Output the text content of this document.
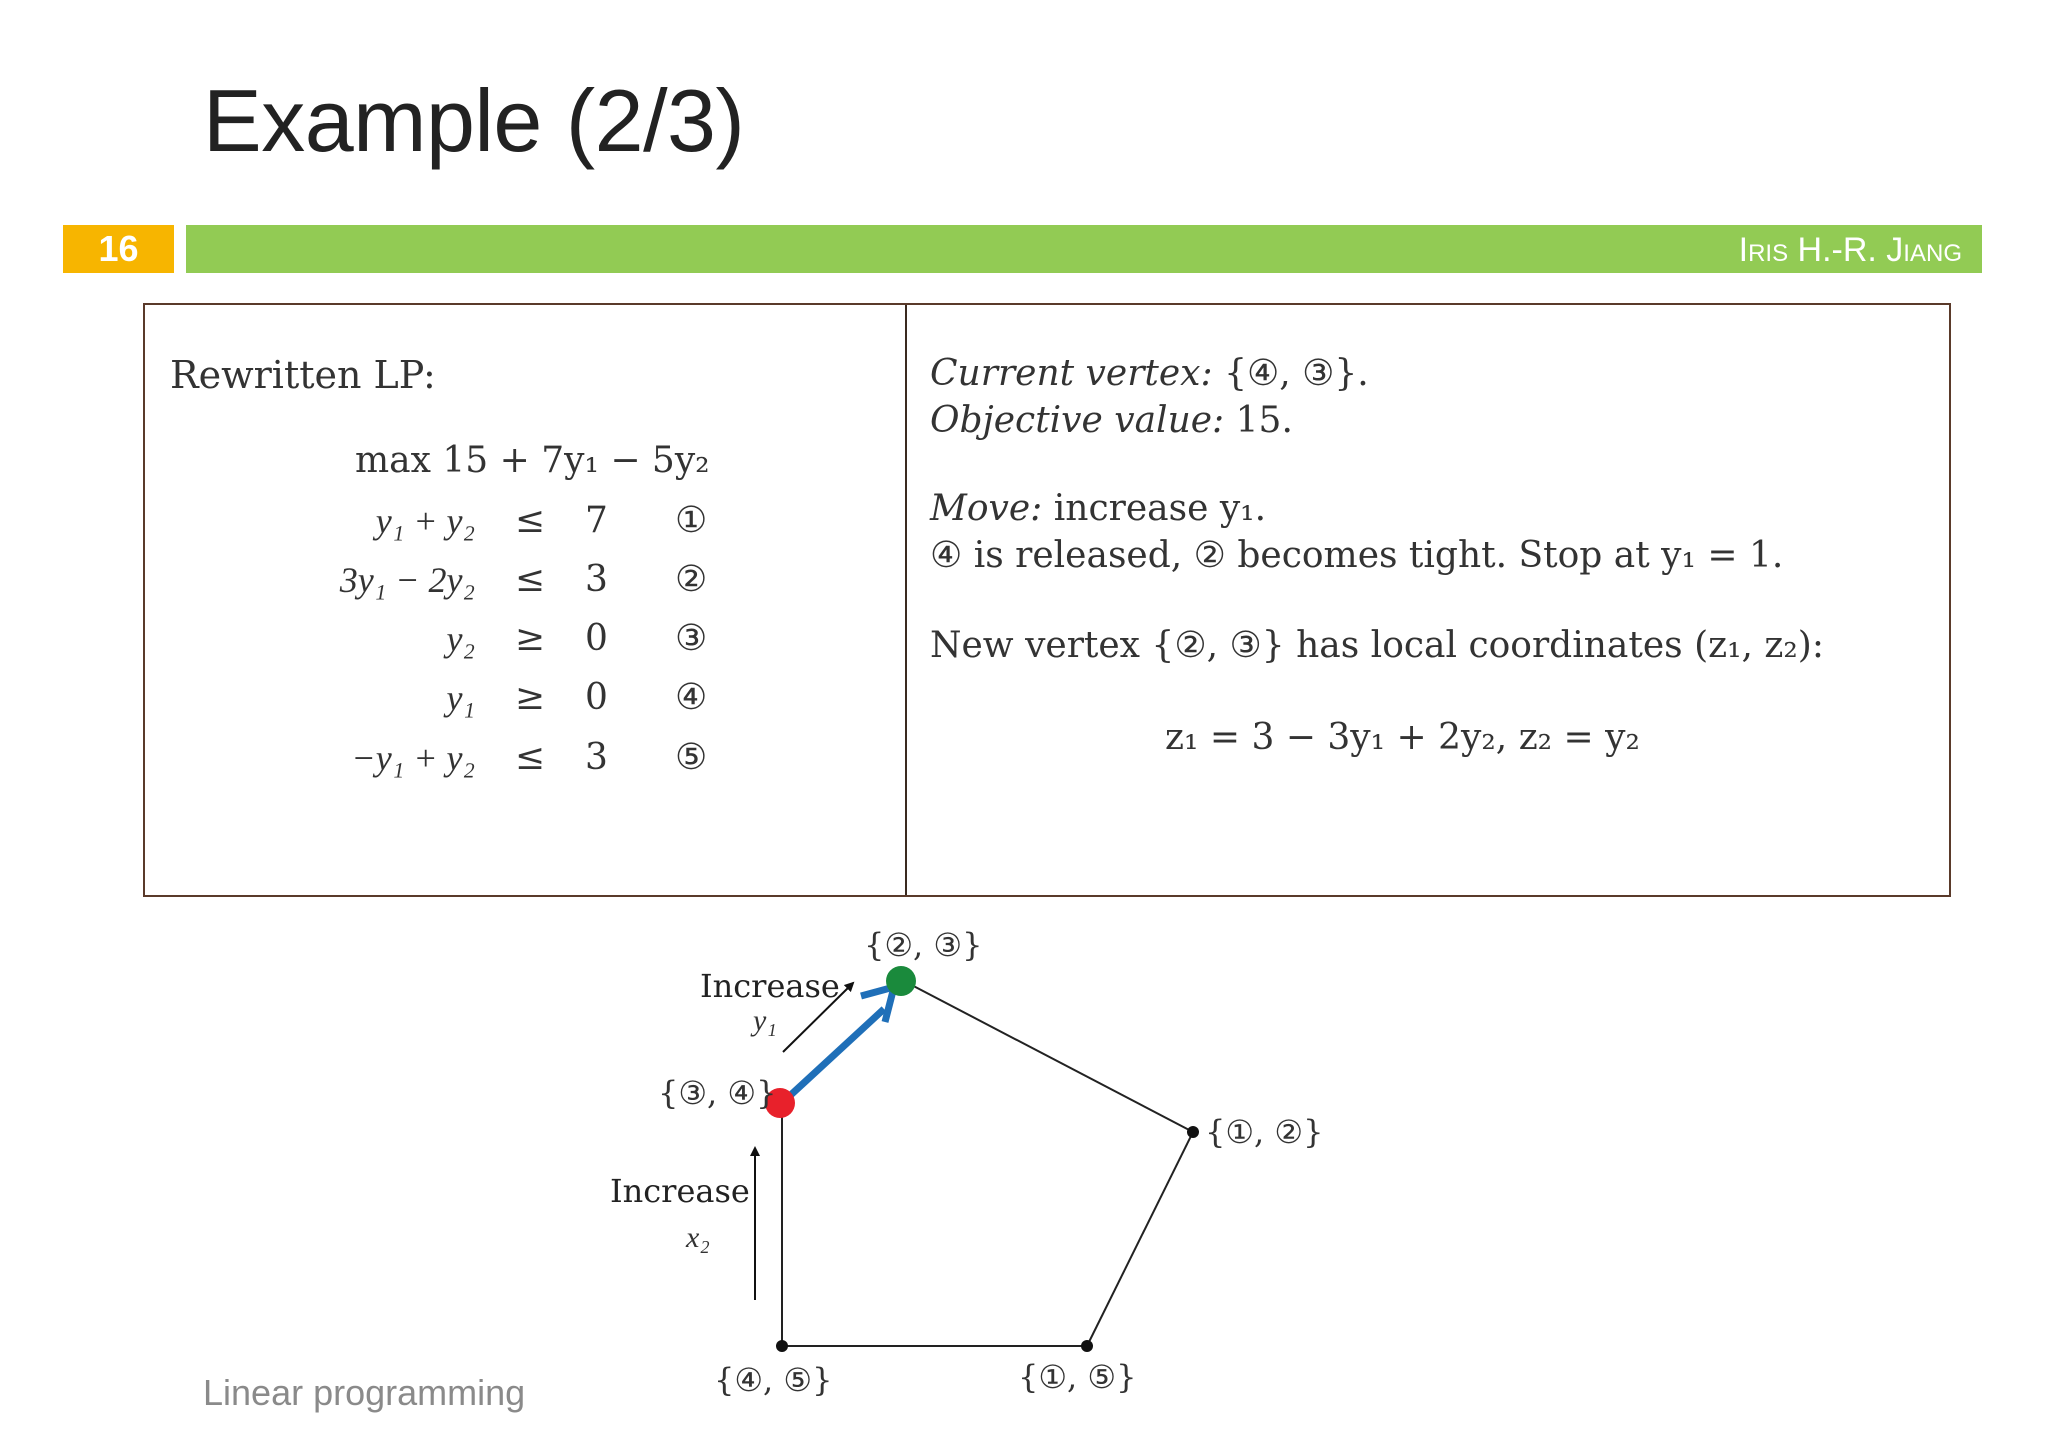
Example (2/3)
16	Iris H.-R. Jiang
Rewritten LP:
max 15 + 7y₁ − 5y₂
y₁ + y₂ ≤ 7 ①
3y₁ − 2y₂ ≤ 3 ②
y₂ ≥ 0 ③
y₁ ≥ 0 ④
−y₁ + y₂ ≤ 3 ⑤
Current vertex: {④, ③}.
Objective value: 15.
Move: increase y₁.
④ is released, ② becomes tight. Stop at y₁ = 1.
New vertex {②, ③} has local coordinates (z₁, z₂):
z₁ = 3 − 3y₁ + 2y₂, z₂ = y₂
{②, ③}
{③, ④}
{①, ②}
{④, ⑤}	{①, ⑤}
Increase
y₁
Increase
x₂
Linear programming
